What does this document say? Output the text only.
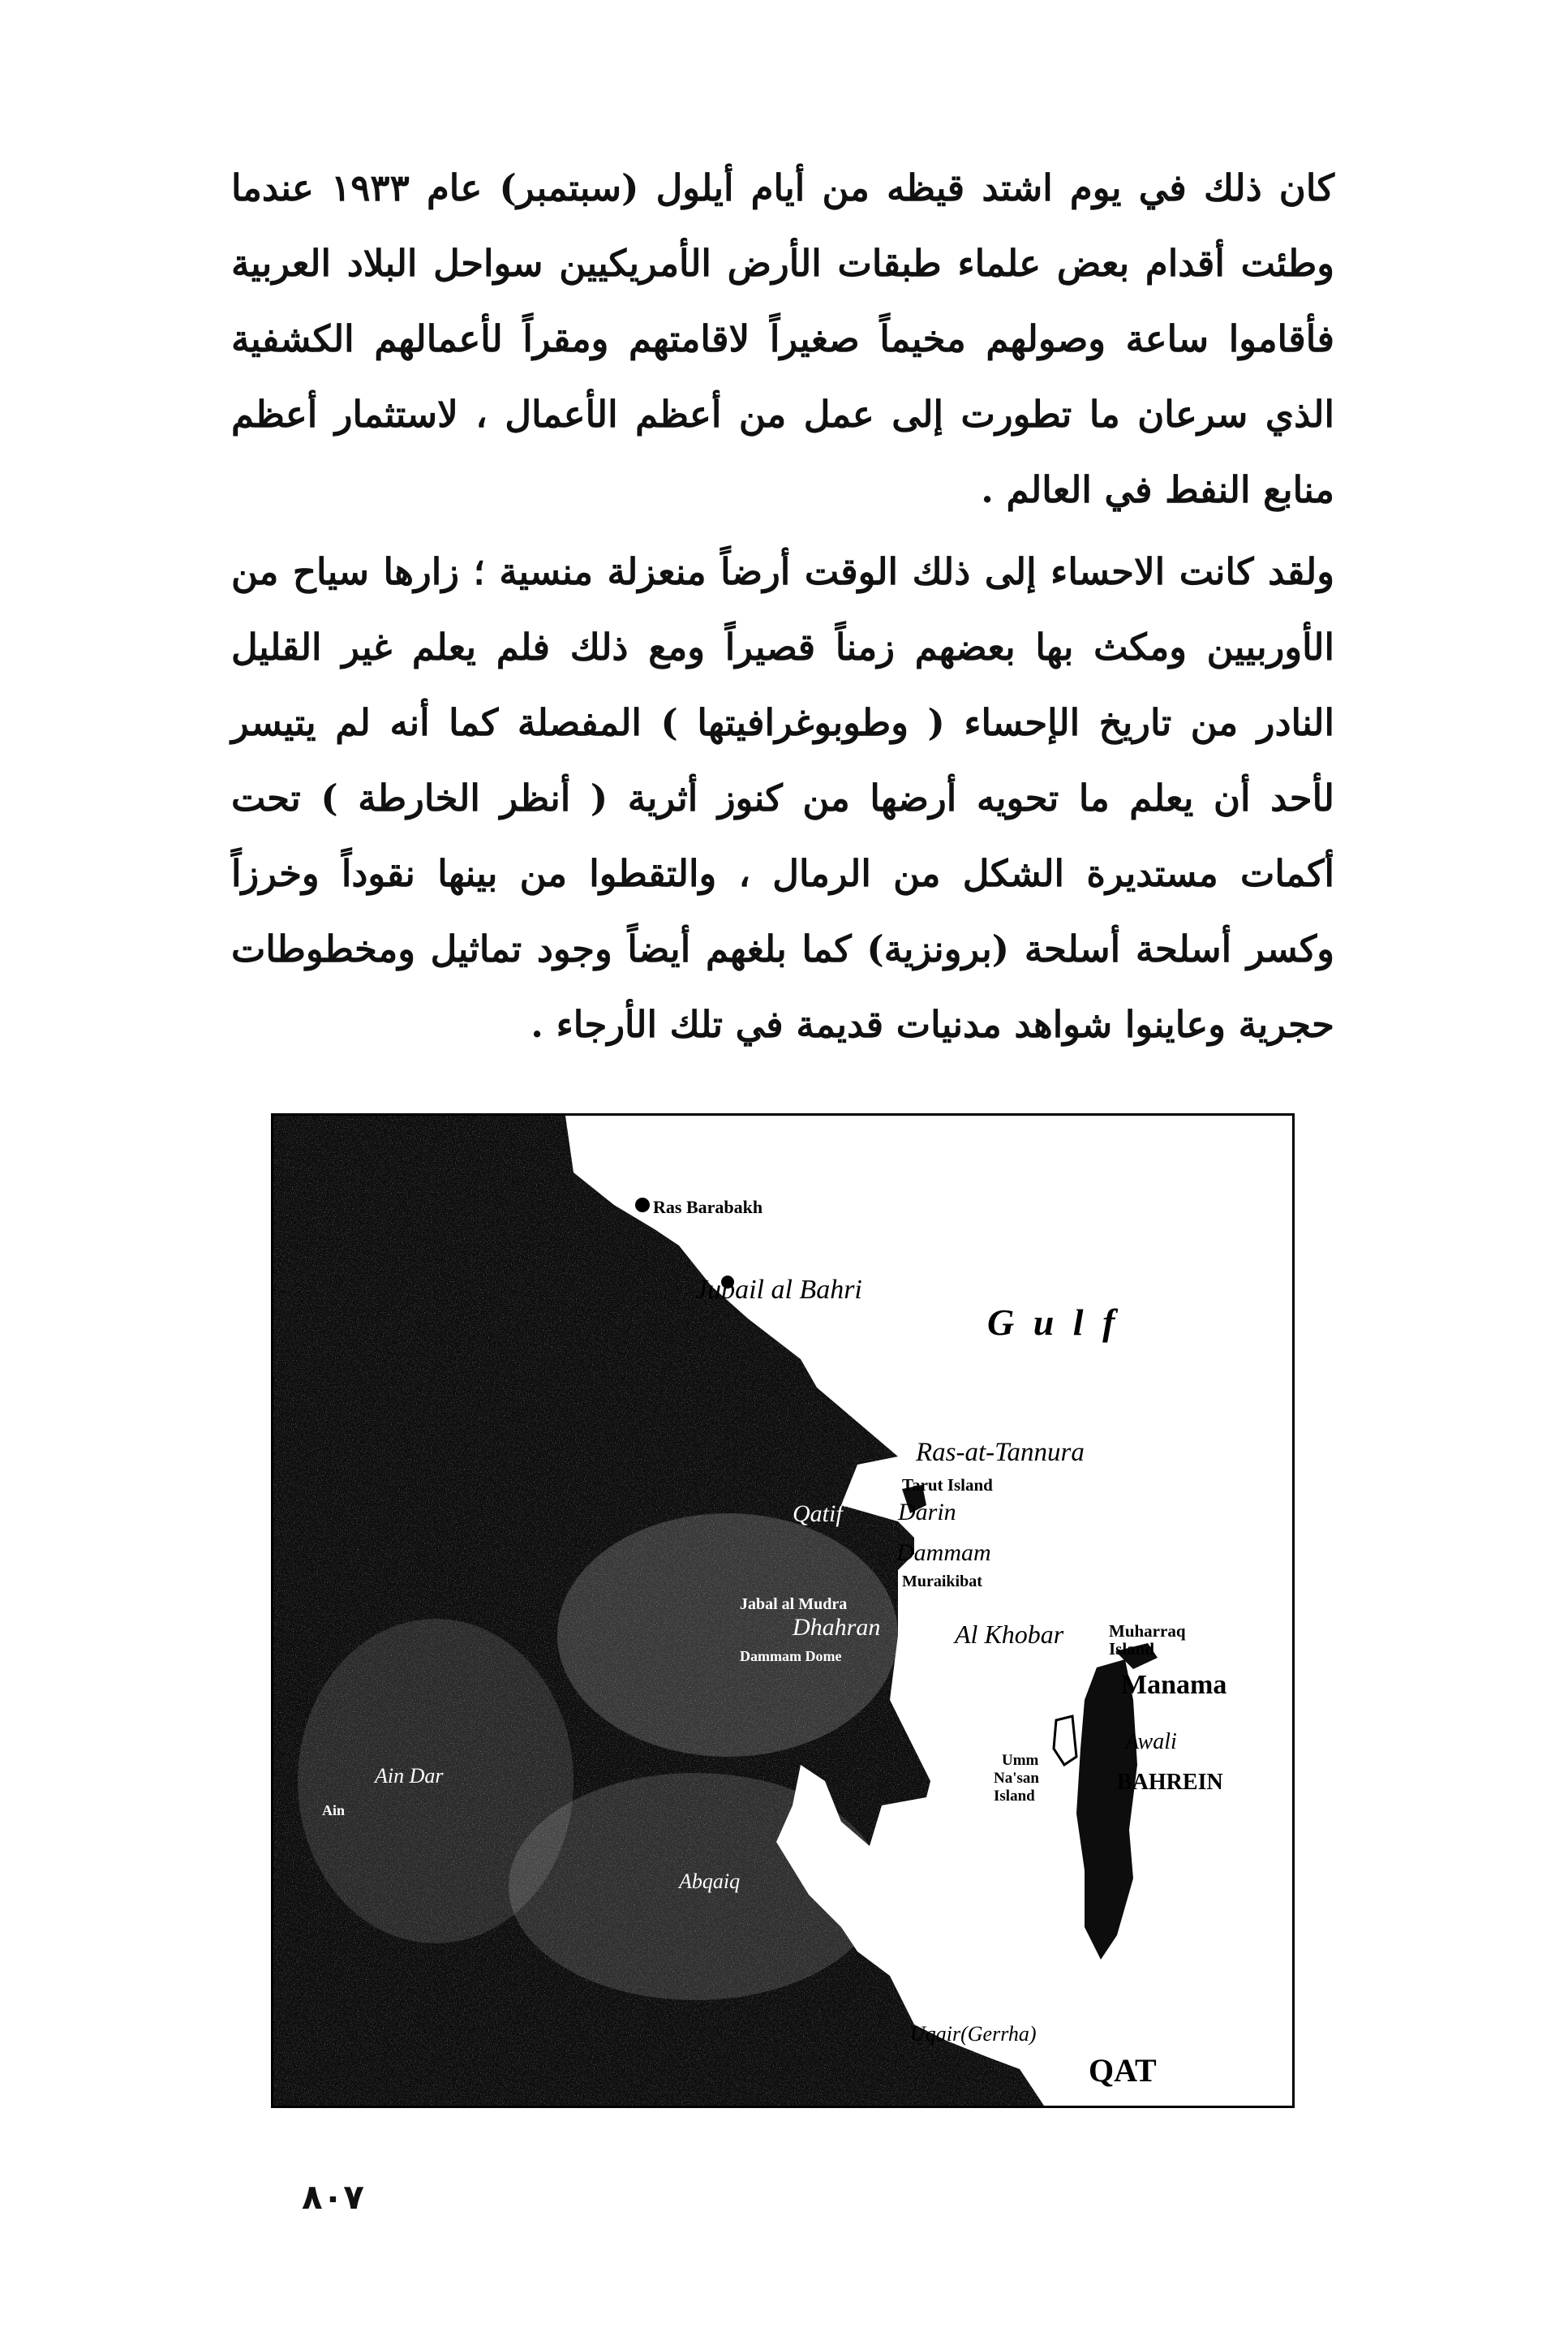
كان ذلك في يوم اشتد قيظه من أيام أيلول (سبتمبر) عام ١٩٣٣ عندما وطئت أقدام بعض علماء طبقات الأرض الأمريكيين سواحل البلاد العربية فأقاموا ساعة وصولهم مخيماً صغيراً لاقامتهم ومقراً لأعمالهم الكشفية الذي سرعان ما تطورت إلى عمل من أعظم الأعمال ، لاستثمار أعظم منابع النفط في العالم .

ولقد كانت الاحساء إلى ذلك الوقت أرضاً منعزلة منسية ؛ زارها سياح من الأوربيين ومكث بها بعضهم زمناً قصيراً ومع ذلك فلم يعلم غير القليل النادر من تاريخ الإحساء ( وطوبوغرافيتها ) المفصلة كما أنه لم يتيسر لأحد أن يعلم ما تحويه أرضها من كنوز أثرية ( أنظر الخارطة ) تحت أكمات مستديرة الشكل من الرمال ، والتقطوا من بينها نقوداً وخرزاً وكسر أسلحة أسلحة (برونزية) كما بلغهم أيضاً وجود تماثيل ومخطوطات حجرية وعاينوا شواهد مدنيات قديمة في تلك الأرجاء .

Ras Barabakh
Jubail al Bahri
G u l f
Ras-at-Tannura
Tarut Island
Darin
Dammam
Muraikibat
Al Khobar	Muharraq
Island
Manama
Umm
Na'san
Island
Awali
BAHREIN
Uqair(Gerrha)
QAT
Qatif
Jabal al Mudra
Dhahran
Dammam Dome
Ain Dar
Abqaiq
Ain
٨٠٧
